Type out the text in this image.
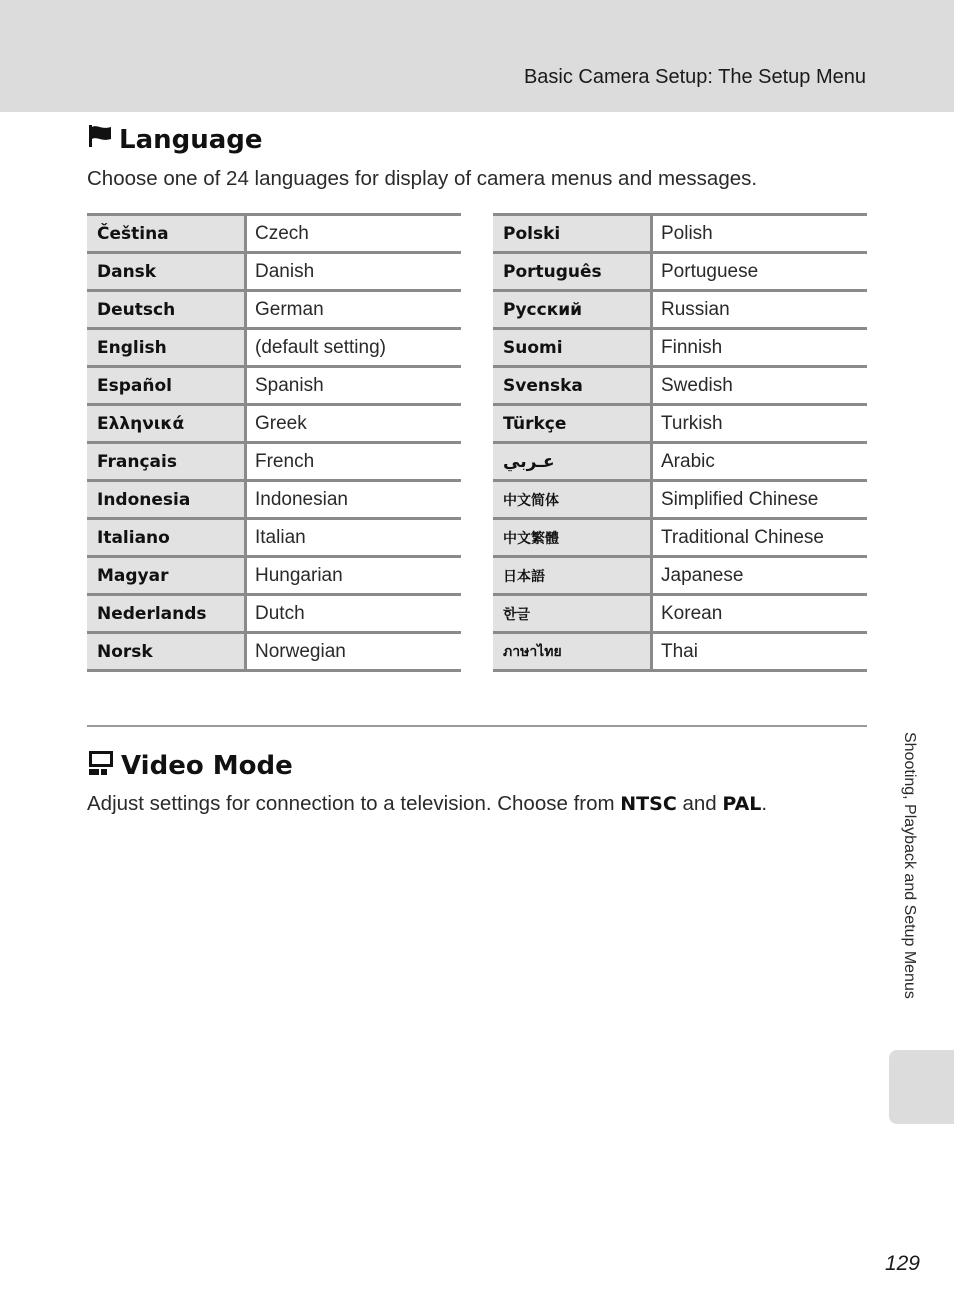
Basic Camera Setup: The Setup Menu
Language
Choose one of 24 languages for display of camera menus and messages.
Čeština	Czech
Dansk	Danish
Deutsch	German
English	(default setting)
Español	Spanish
Ελληνικά	Greek
Français	French
Indonesia	Indonesian
Italiano	Italian
Magyar	Hungarian
Nederlands	Dutch
Norsk	Norwegian
Polski	Polish
Português	Portuguese
Русский	Russian
Suomi	Finnish
Svenska	Swedish
Türkçe	Turkish
عـربي	Arabic
中文简体	Simplified Chinese
中文繁體	Traditional Chinese
日本語	Japanese
한글	Korean
ภาษาไทย	Thai
Video Mode
Adjust settings for connection to a television. Choose from NTSC and PAL.	Shooting, Playback and Setup Menus
129
